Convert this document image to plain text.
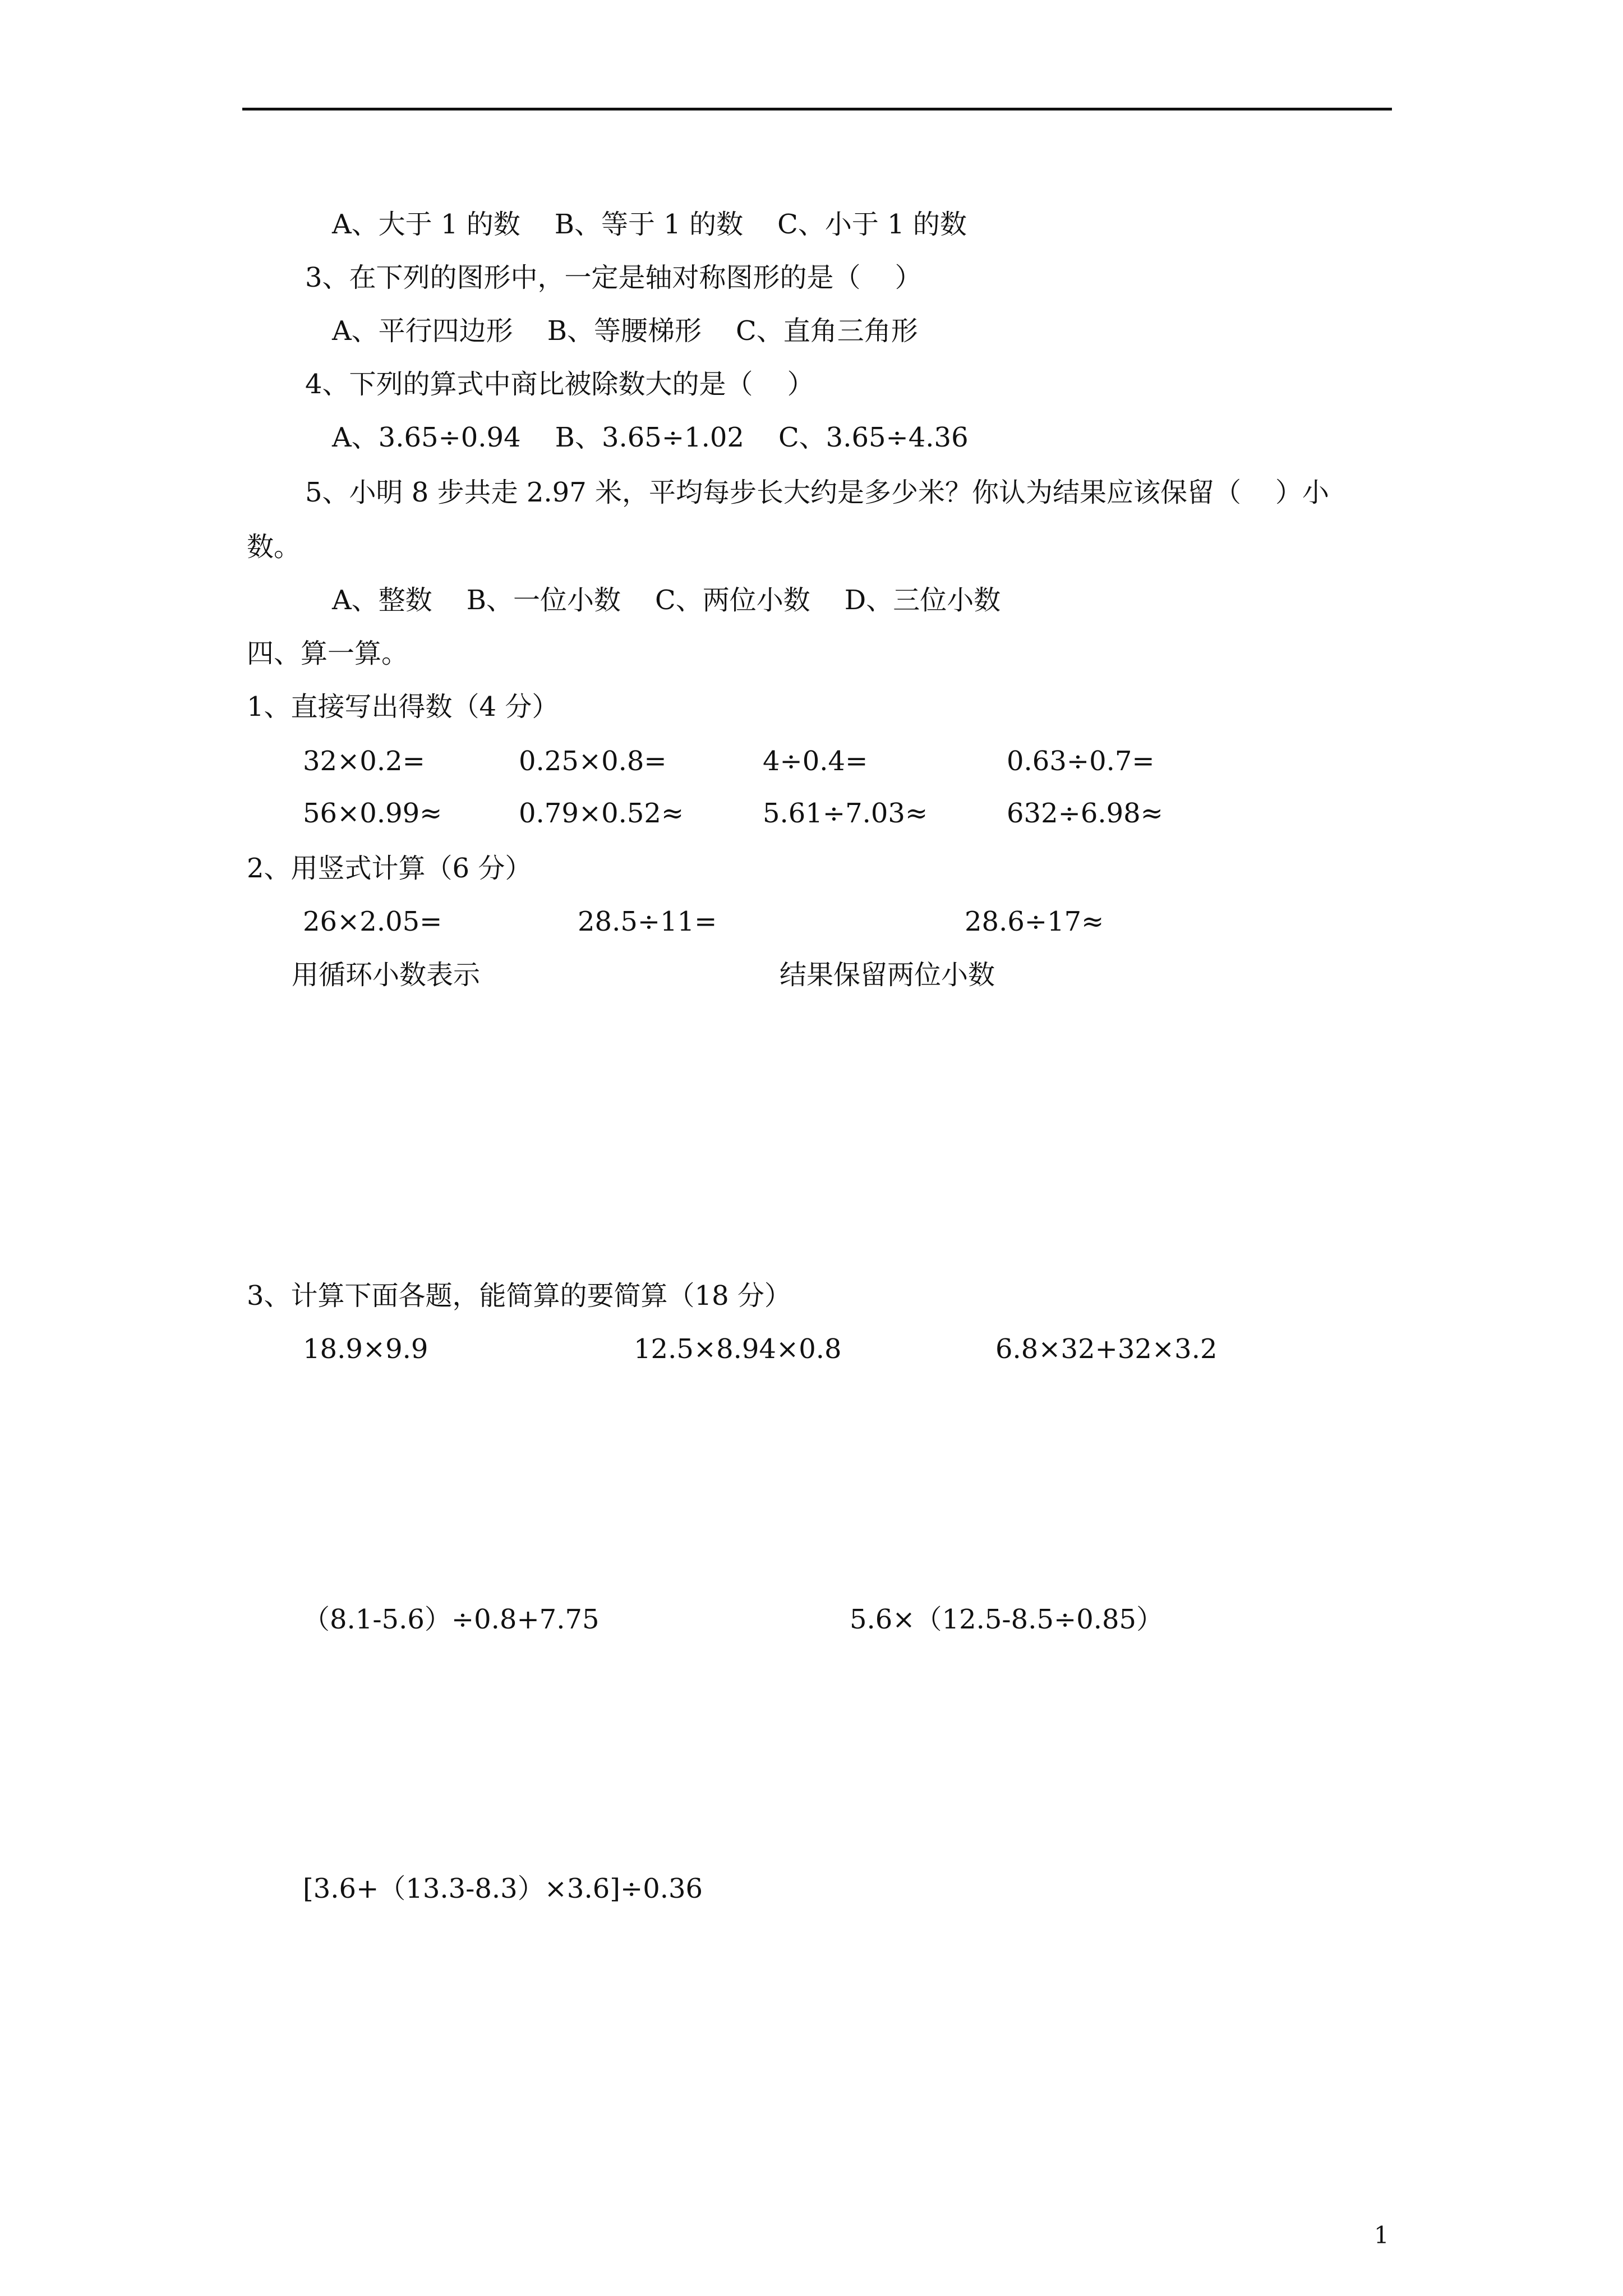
A、大于 1 的数    B、等于 1 的数    C、小于 1 的数
3、在下列的图形中，一定是轴对称图形的是（    ）
A、平行四边形    B、等腰梯形    C、直角三角形
4、下列的算式中商比被除数大的是（    ）
A、3.65÷0.94    B、3.65÷1.02    C、3.65÷4.36
5、小明 8 步共走 2.97 米，平均每步长大约是多少米？你认为结果应该保留（    ）小
数。
A、整数    B、一位小数    C、两位小数    D、三位小数
四、算一算。
1、直接写出得数（4 分）
32×0.2=	0.25×0.8=	4÷0.4=	0.63÷0.7=
56×0.99≈	0.79×0.52≈	5.61÷7.03≈	632÷6.98≈
2、用竖式计算（6 分）
26×2.05=	28.5÷11=	28.6÷17≈
用循环小数表示	结果保留两位小数
3、计算下面各题，能简算的要简算（18 分）
18.9×9.9	12.5×8.94×0.8	6.8×32+32×3.2
（8.1-5.6）÷0.8+7.75	5.6×（12.5-8.5÷0.85）
[3.6+（13.3-8.3）×3.6]÷0.36
1
